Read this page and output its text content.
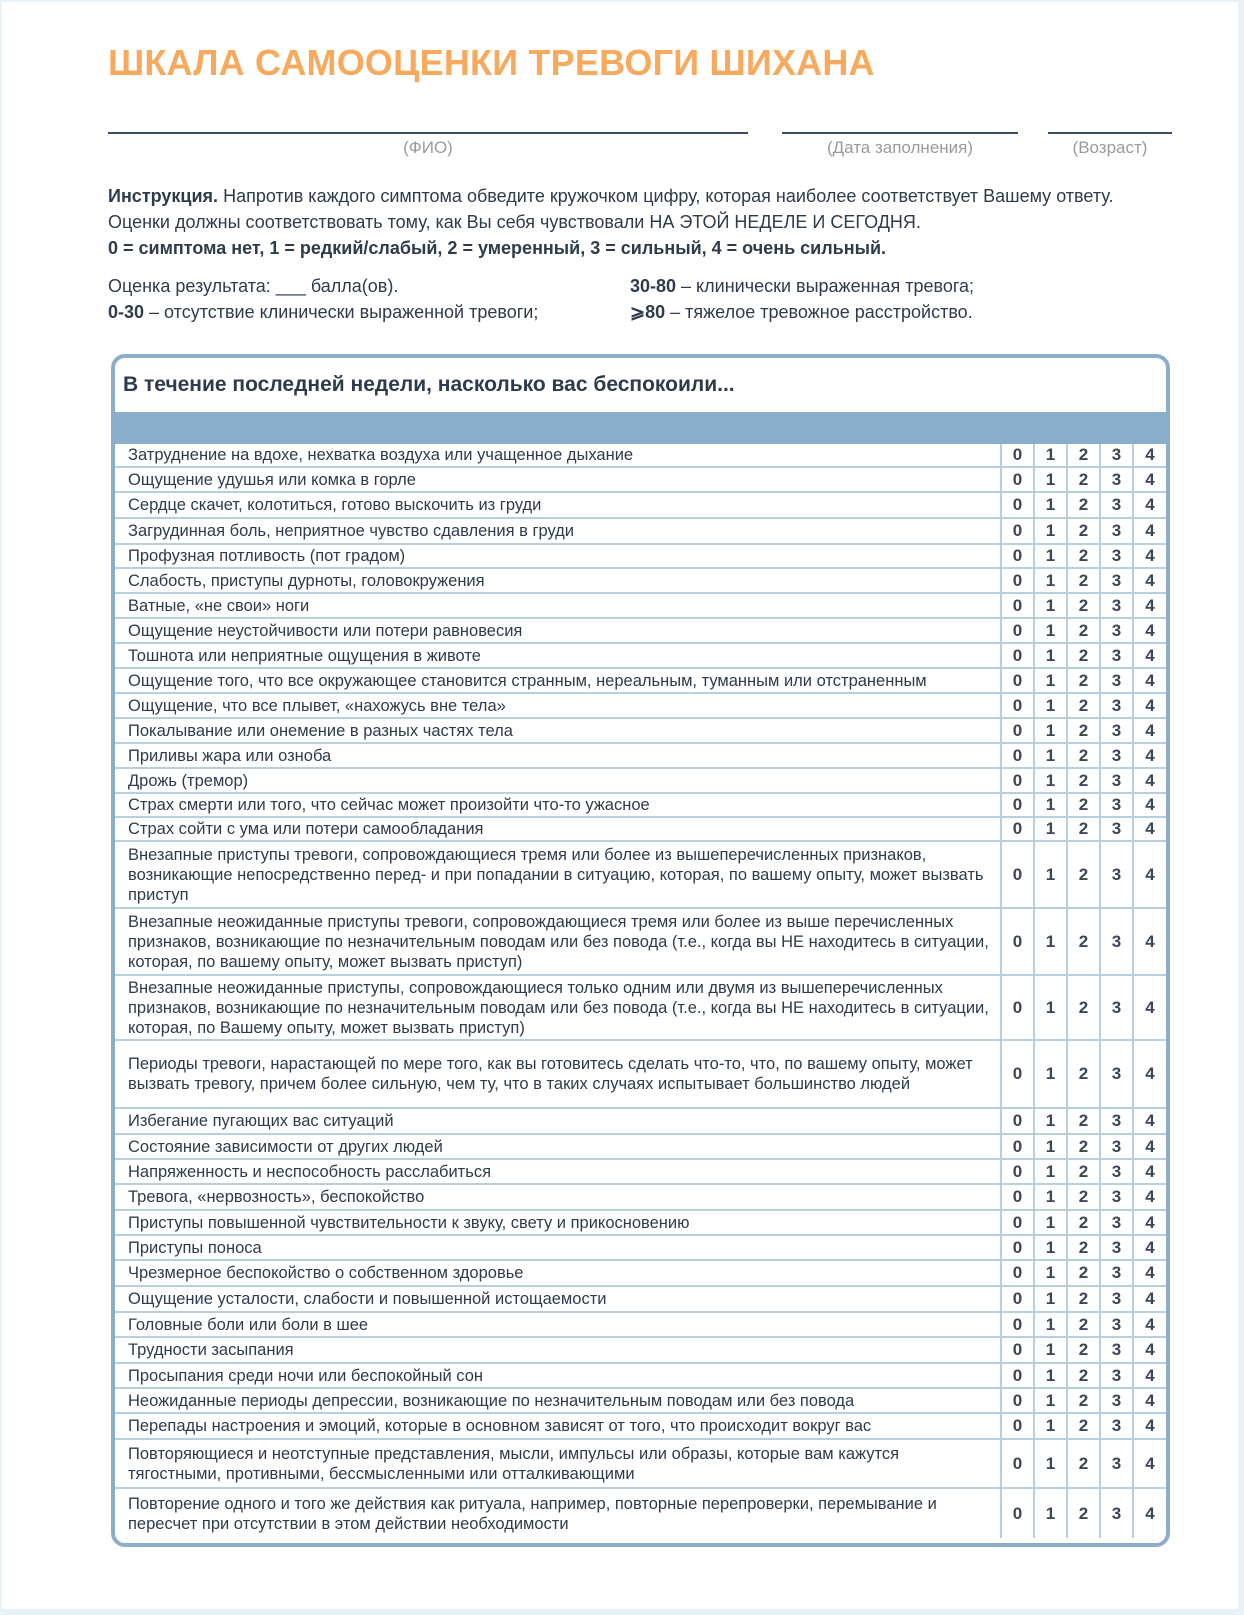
ШКАЛА САМООЦЕНКИ ТРЕВОГИ ШИХАНА
(ФИО)	(Дата заполнения)	(Возраст)
Инструкция. Напротив каждого симптома обведите кружочком цифру, которая наиболее соответствует Вашему ответу. Оценки должны соответствовать тому, как Вы себя чувствовали НА ЭТОЙ НЕДЕЛЕ И СЕГОДНЯ.
0 = симптома нет, 1 = редкий/слабый, 2 = умеренный, 3 = сильный, 4 = очень сильный.
Оценка результата: ___ балла(ов).
0-30 – отсутствие клинически выраженной тревоги;
30-80 – клинически выраженная тревога;
⩾80 – тяжелое тревожное расстройство.
В течение последней недели, насколько вас беспокоили...
Затруднение на вдохе, нехватка воздуха или учащенное дыхание	0	1	2	3	4
Ощущение удушья или комка в горле	0	1	2	3	4
Сердце скачет, колотиться, готово выскочить из груди	0	1	2	3	4
Загрудинная боль, неприятное чувство сдавления в груди	0	1	2	3	4
Профузная потливость (пот градом)	0	1	2	3	4
Слабость, приступы дурноты, головокружения	0	1	2	3	4
Ватные, «не свои» ноги	0	1	2	3	4
Ощущение неустойчивости или потери равновесия	0	1	2	3	4
Тошнота или неприятные ощущения в животе	0	1	2	3	4
Ощущение того, что все окружающее становится странным, нереальным, туманным или отстраненным	0	1	2	3	4
Ощущение, что все плывет, «нахожусь вне тела»	0	1	2	3	4
Покалывание или онемение в разных частях тела	0	1	2	3	4
Приливы жара или озноба	0	1	2	3	4
Дрожь (тремор)	0	1	2	3	4
Страх смерти или того, что сейчас может произойти что-то ужасное	0	1	2	3	4
Страх сойти с ума или потери самообладания	0	1	2	3	4
Внезапные приступы тревоги, сопровождающиеся тремя или более из вышеперечисленных признаков, возникающие непосредственно перед- и при попадании в ситуацию, которая, по вашему опыту, может вызвать приступ
0	1	2	3	4
Внезапные неожиданные приступы тревоги, сопровождающиеся тремя или более из выше перечисленных признаков, возникающие по незначительным поводам или без повода (т.е., когда вы НЕ находитесь в ситуации, которая, по вашему опыту, может вызвать приступ)
0	1	2	3	4
Внезапные неожиданные приступы, сопровождающиеся только одним или двумя из вышеперечисленных признаков, возникающие по незначительным поводам или без повода (т.е., когда вы НЕ находитесь в ситуации, которая, по Вашему опыту, может вызвать приступ)
0	1	2	3	4
Периоды тревоги, нарастающей по мере того, как вы готовитесь сделать что-то, что, по вашему опыту, может вызвать тревогу, причем более сильную, чем ту, что в таких случаях испытывает большинство людей
0	1	2	3	4
Избегание пугающих вас ситуаций	0	1	2	3	4
Состояние зависимости от других людей	0	1	2	3	4
Напряженность и неспособность расслабиться	0	1	2	3	4
Тревога, «нервозность», беспокойство	0	1	2	3	4
Приступы повышенной чувствительности к звуку, свету и прикосновению	0	1	2	3	4
Приступы поноса	0	1	2	3	4
Чрезмерное беспокойство о собственном здоровье	0	1	2	3	4
Ощущение усталости, слабости и повышенной истощаемости	0	1	2	3	4
Головные боли или боли в шее	0	1	2	3	4
Трудности засыпания	0	1	2	3	4
Просыпания среди ночи или беспокойный сон	0	1	2	3	4
Неожиданные периоды депрессии, возникающие по незначительным поводам или без повода	0	1	2	3	4
Перепады настроения и эмоций, которые в основном зависят от того, что происходит вокруг вас	0	1	2	3	4
Повторяющиеся и неотступные представления, мысли, импульсы или образы, которые вам кажутся тягостными, противными, бессмысленными или отталкивающими
0	1	2	3	4
Повторение одного и того же действия как ритуала, например, повторные перепроверки, перемывание и пересчет при отсутствии в этом действии необходимости
0	1	2	3	4
